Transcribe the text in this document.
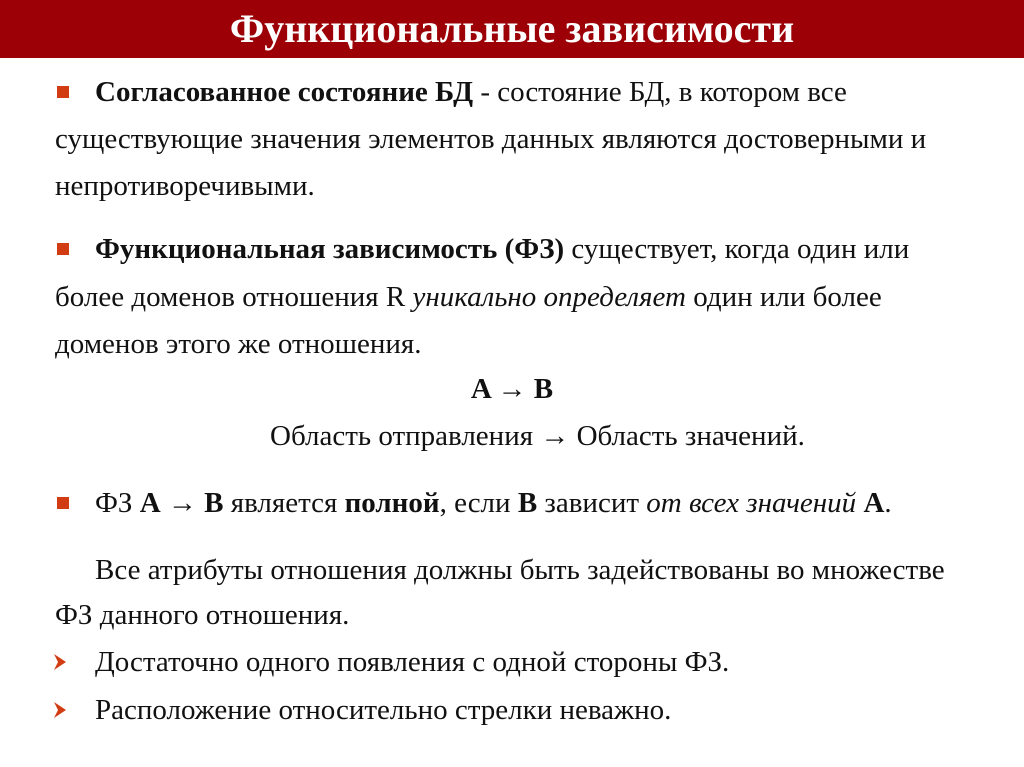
Функциональные зависимости
Согласованное состояние БД - состояние БД, в котором все
существующие значения элементов данных являются достоверными и
непротиворечивыми.
Функциональная зависимость (ФЗ) существует, когда один или
более доменов отношения R уникально определяет один или более
доменов этого же отношения.
A → B
Область отправления → Область значений.
ФЗ А → В является полной, если В зависит от всех значений А.
Все атрибуты отношения должны быть задействованы во множестве
ФЗ данного отношения.
Достаточно одного появления с одной стороны ФЗ.
Расположение относительно стрелки неважно.
